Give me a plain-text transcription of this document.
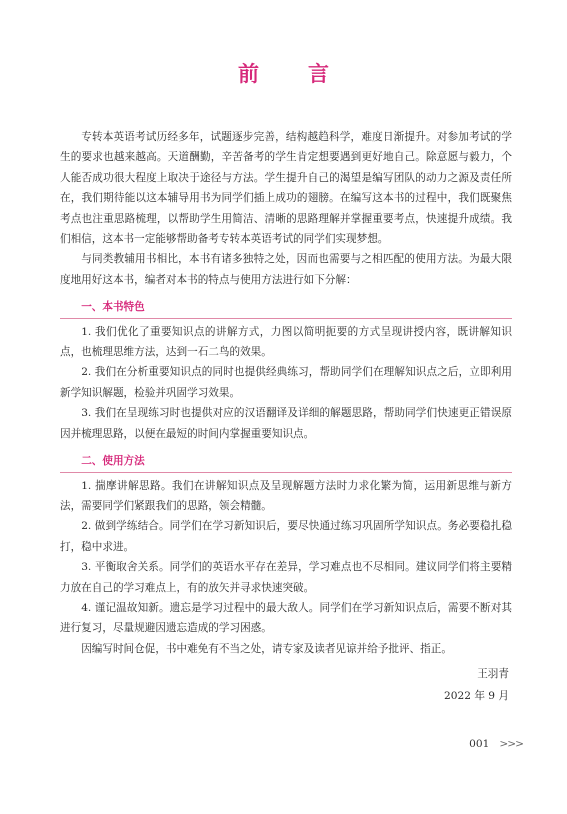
前　言

专转本英语考试历经多年，试题逐步完善，结构越趋科学，难度日渐提升。对参加考试的学生的要求也越来越高。天道酬勤，辛苦备考的学生肯定想要遇到更好地自己。除意愿与毅力，个人能否成功很大程度上取决于途径与方法。学生提升自己的渴望是编写团队的动力之源及责任所在，我们期待能以这本辅导用书为同学们插上成功的翅膀。在编写这本书的过程中，我们既聚焦考点也注重思路梳理，以帮助学生用简洁、清晰的思路理解并掌握重要考点，快速提升成绩。我们相信，这本书一定能够帮助备考专转本英语考试的同学们实现梦想。

与同类教辅用书相比，本书有诸多独特之处，因而也需要与之相匹配的使用方法。为最大限度地用好这本书，编者对本书的特点与使用方法进行如下分解：

一、本书特色

1. 我们优化了重要知识点的讲解方式，力图以简明扼要的方式呈现讲授内容，既讲解知识点，也梳理思维方法，达到一石二鸟的效果。

2. 我们在分析重要知识点的同时也提供经典练习，帮助同学们在理解知识点之后，立即利用新学知识解题，检验并巩固学习效果。

3. 我们在呈现练习时也提供对应的汉语翻译及详细的解题思路，帮助同学们快速更正错误原因并梳理思路，以便在最短的时间内掌握重要知识点。

二、使用方法

1. 揣摩讲解思路。我们在讲解知识点及呈现解题方法时力求化繁为简，运用新思维与新方法，需要同学们紧跟我们的思路，领会精髓。

2. 做到学练结合。同学们在学习新知识后，要尽快通过练习巩固所学知识点。务必要稳扎稳打，稳中求进。

3. 平衡取舍关系。同学们的英语水平存在差异，学习难点也不尽相同。建议同学们将主要精力放在自己的学习难点上，有的放矢并寻求快速突破。

4. 谨记温故知新。遗忘是学习过程中的最大敌人。同学们在学习新知识点后，需要不断对其进行复习，尽量规避因遗忘造成的学习困惑。

因编写时间仓促，书中难免有不当之处，请专家及读者见谅并给予批评、指正。

王羽青
2022 年 9 月
001 >>>
